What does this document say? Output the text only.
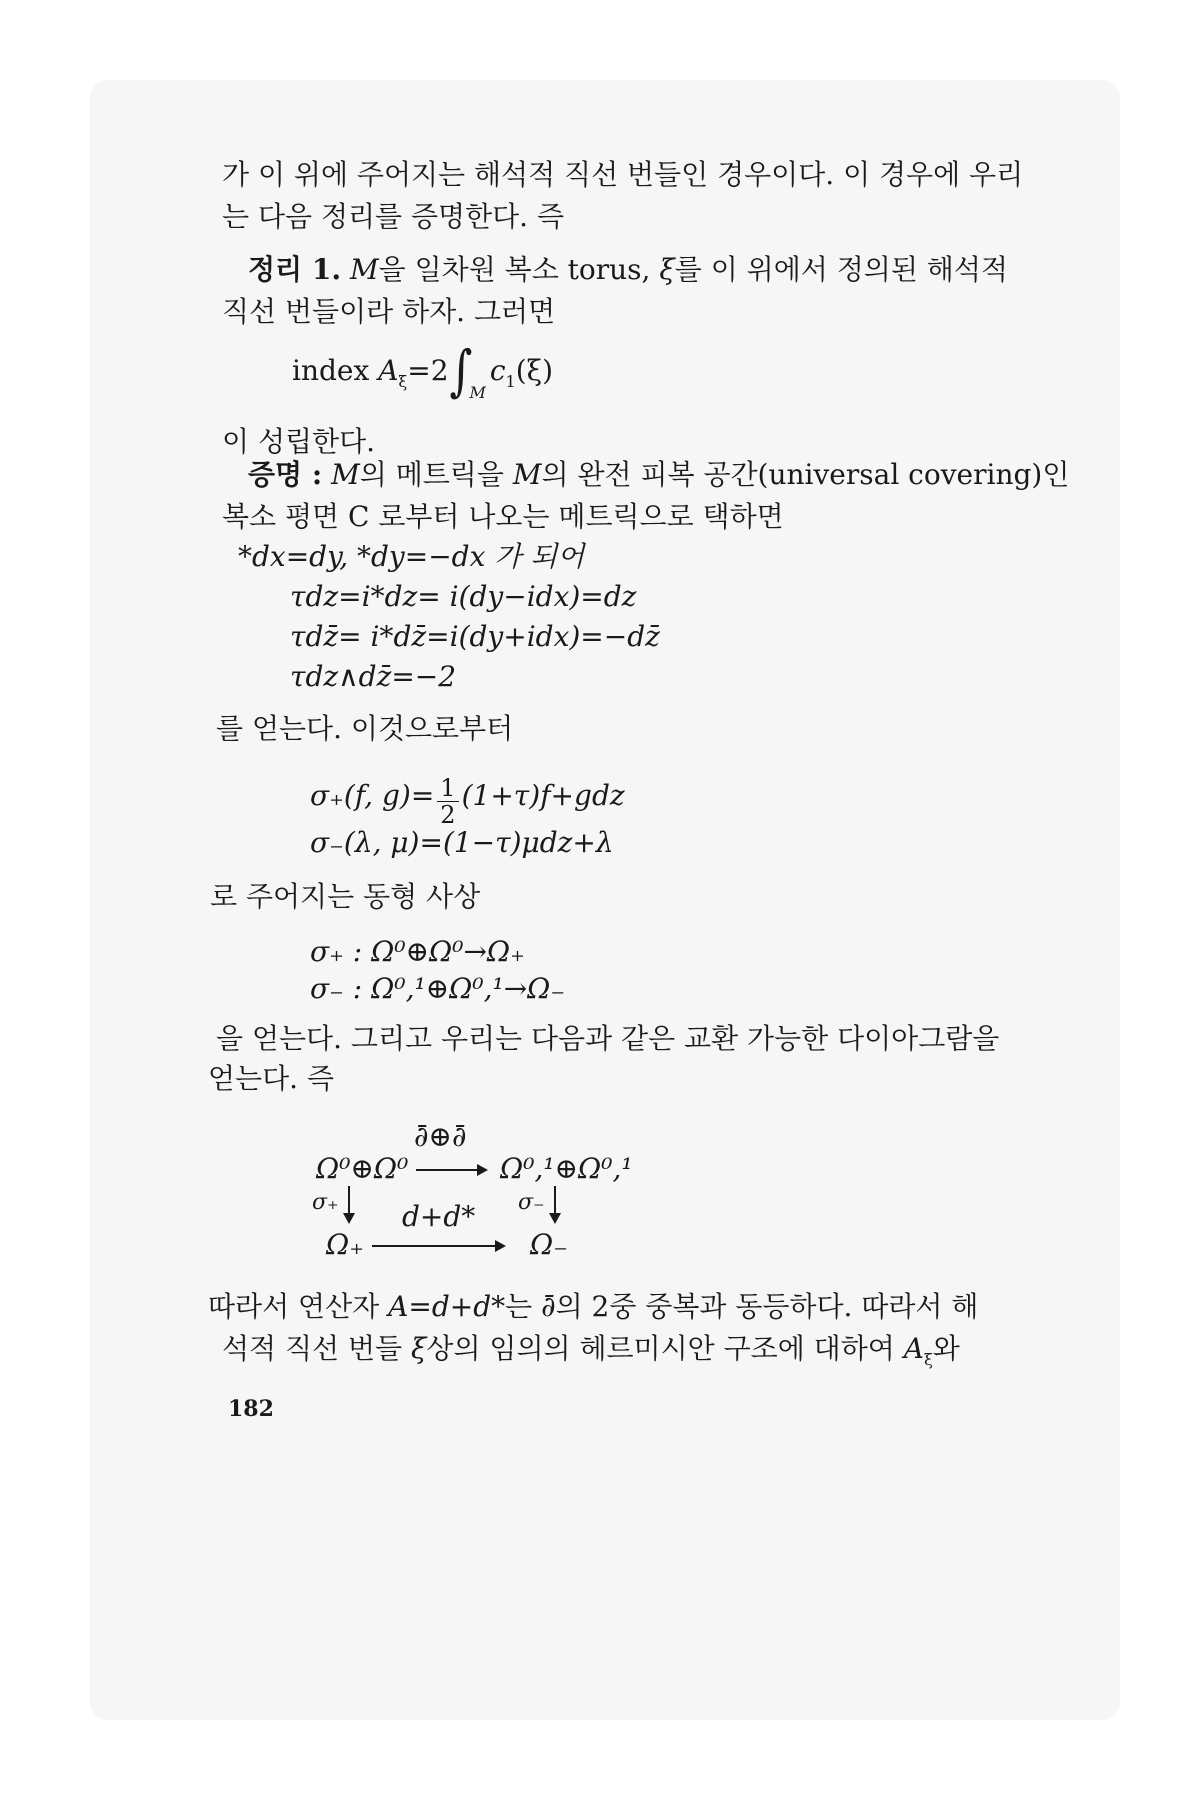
가 이 위에 주어지는 해석적 직선 번들인 경우이다. 이 경우에 우리
는 다음 정리를 증명한다. 즉
정리 1. M을 일차원 복소 torus, ξ를 이 위에서 정의된 해석적
직선 번들이라 하자. 그러면
index $A_\xi=2\int Mc_1(\xi)$
이 성립한다.
증명 : M의 메트릭을 M의 완전 피복 공간(universal covering)인
복소 평면 C 로부터 나오는 메트릭으로 택하면
*dx=dy, *dy=−dx 가 되어
τdz=i*dz= i(dy−idx)=dz
τdz̄= i*dz̄=i(dy+idx)=−dz̄
τdz∧dz̄=−2
를 얻는다. 이것으로부터
σ₊(f, $g)= \frac{1}{2} (1+\tau)f+gdz$
σ₋(λ, μ)=(1−τ)μdz+λ
로 주어지는 동형 사상
σ₊ : Ω⁰⊕Ω⁰→Ω₊
σ₋ : Ω⁰,¹⊕Ω⁰,¹→Ω₋
을 얻는다. 그리고 우리는 다음과 같은 교환 가능한 다이아그람을
얻는다. 즉
∂̄⊕∂̄
Ω⁰⊕Ω⁰	Ω⁰,¹⊕Ω⁰,¹
σ₊ d+d* σ₋
Ω₊	Ω₋
따라서 연산자 A=d+d*는 ∂̄의 2중 중복과 동등하다. 따라서 해
석적 직선 번들 ξ상의 임의의 헤르미시안 구조에 대하여 $A_\xi$와
182
